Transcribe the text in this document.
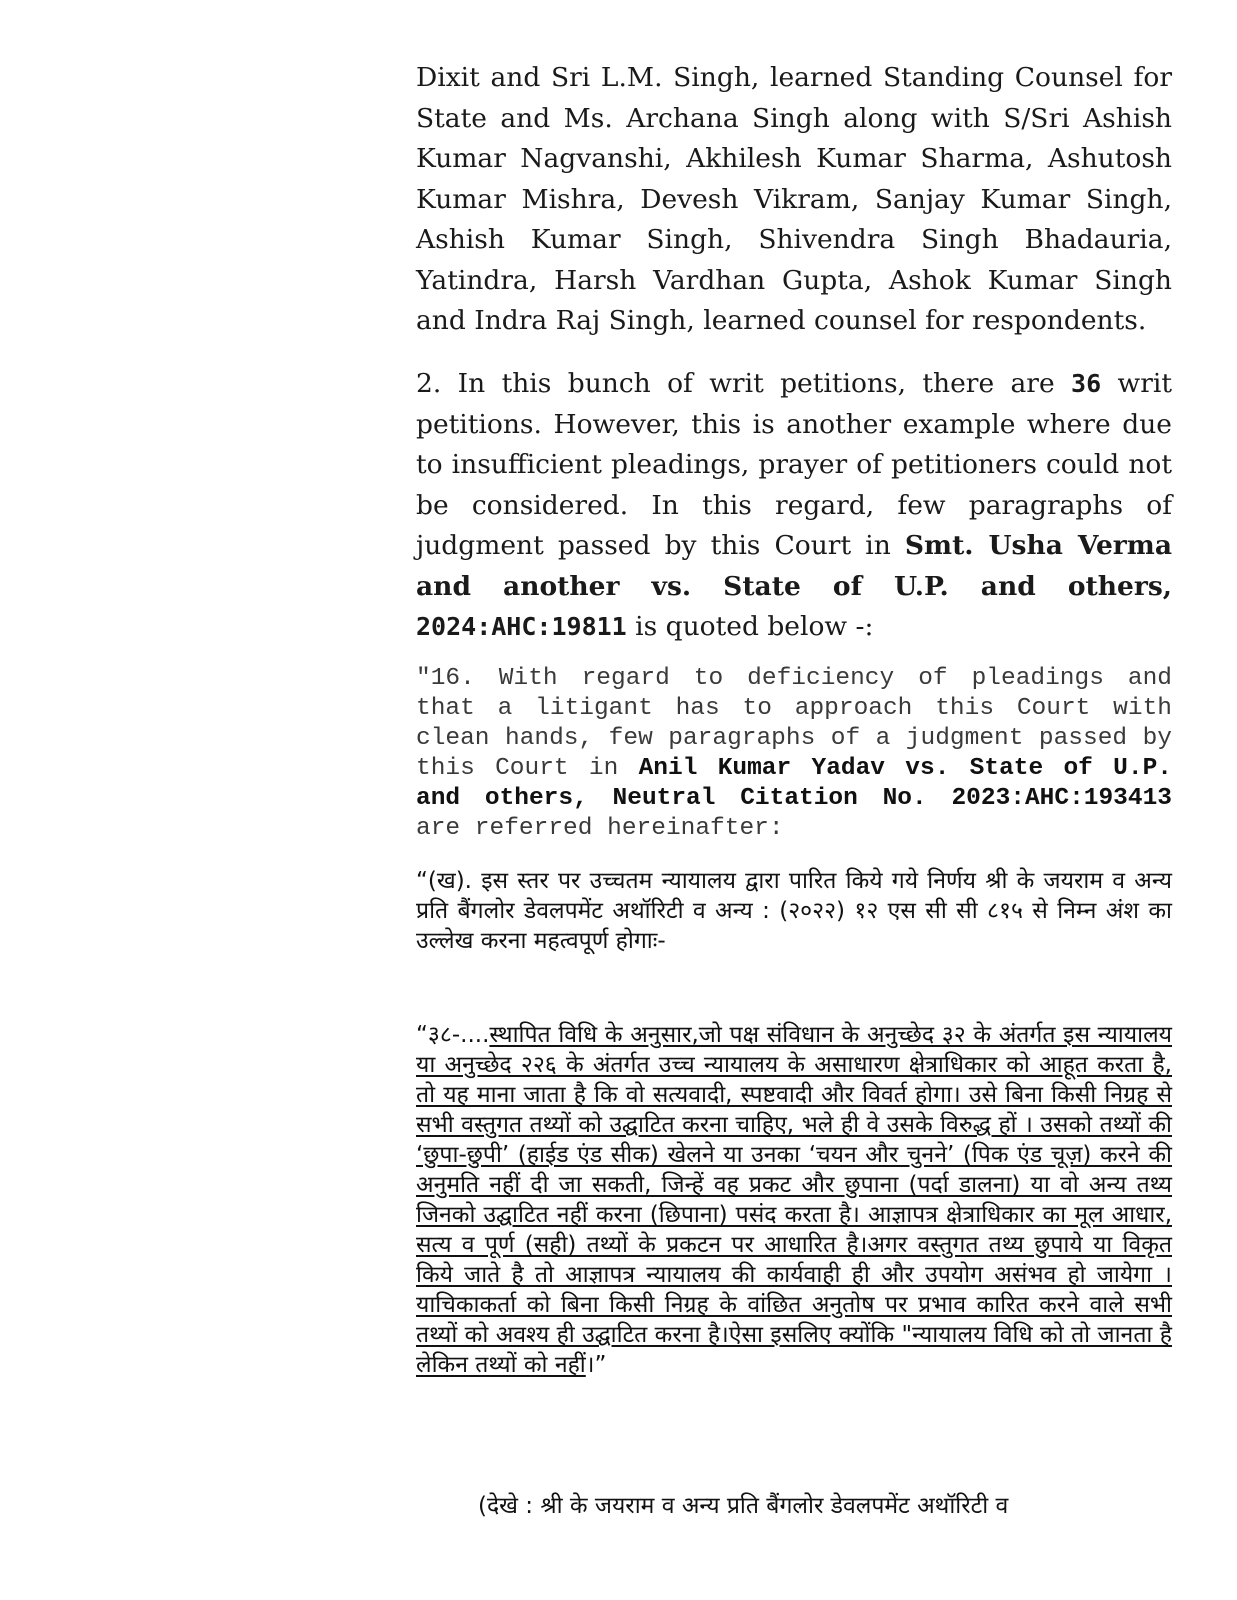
Dixit and Sri L.M. Singh, learned Standing Counsel for State and Ms. Archana Singh along with S/Sri Ashish Kumar Nagvanshi, Akhilesh Kumar Sharma, Ashutosh Kumar Mishra, Devesh Vikram, Sanjay Kumar Singh, Ashish Kumar Singh, Shivendra Singh Bhadauria, Yatindra, Harsh Vardhan Gupta, Ashok Kumar Singh and Indra Raj Singh, learned counsel for respondents.

2. In this bunch of writ petitions, there are 36 writ petitions. However, this is another example where due to insufficient pleadings, prayer of petitioners could not be considered. In this regard, few paragraphs of judgment passed by this Court in Smt. Usha Verma and another vs. State of U.P. and others, 2024:AHC:19811 is quoted below -:

"16. With regard to deficiency of pleadings and that a litigant has to approach this Court with clean hands, few paragraphs of a judgment passed by this Court in Anil Kumar Yadav vs. State of U.P. and others, Neutral Citation No. 2023:AHC:193413 are referred hereinafter:

“(ख). इस स्तर पर उच्चतम न्यायालय द्वारा पारित किये गये निर्णय श्री के जयराम व अन्य प्रति बैंगलोर डेवलपमेंट अथॉरिटी व अन्य : (२०२२) १२ एस सी सी ८१५ से निम्न अंश का उल्लेख करना महत्वपूर्ण होगाः-

“३८-....स्थापित विधि के अनुसार,जो पक्ष संविधान के अनुच्छेद ३२ के अंतर्गत इस न्यायालय या अनुच्छेद २२६ के अंतर्गत उच्च न्यायालय के असाधारण क्षेत्राधिकार को आहूत करता है, तो यह माना जाता है कि वो सत्यवादी, स्पष्टवादी और विवर्त होगा। उसे बिना किसी निग्रह से सभी वस्तुगत तथ्यों को उद्घाटित करना चाहिए, भले ही वे उसके विरुद्ध हों । उसको तथ्यों की ‘छुपा-छुपी’ (हाईड एंड सीक) खेलने या उनका ‘चयन और चुनने’ (पिक एंड चूज़) करने की अनुमति नहीं दी जा सकती, जिन्हें वह प्रकट और छुपाना (पर्दा डालना) या वो अन्य तथ्य जिनको उद्घाटित नहीं करना (छिपाना) पसंद करता है। आज्ञापत्र क्षेत्राधिकार का मूल आधार, सत्य व पूर्ण (सही) तथ्यों के प्रकटन पर आधारित है।अगर वस्तुगत तथ्य छुपाये या विकृत किये जाते है तो आज्ञापत्र न्यायालय की कार्यवाही ही और उपयोग असंभव हो जायेगा । याचिकाकर्ता को बिना किसी निग्रह के वांछित अनुतोष पर प्रभाव कारित करने वाले सभी तथ्यों को अवश्य ही उद्घाटित करना है।ऐसा इसलिए क्योंकि "न्यायालय विधि को तो जानता है लेकिन तथ्यों को नहीं।”

(देखे : श्री के जयराम व अन्य प्रति बैंगलोर डेवलपमेंट अथॉरिटी व
